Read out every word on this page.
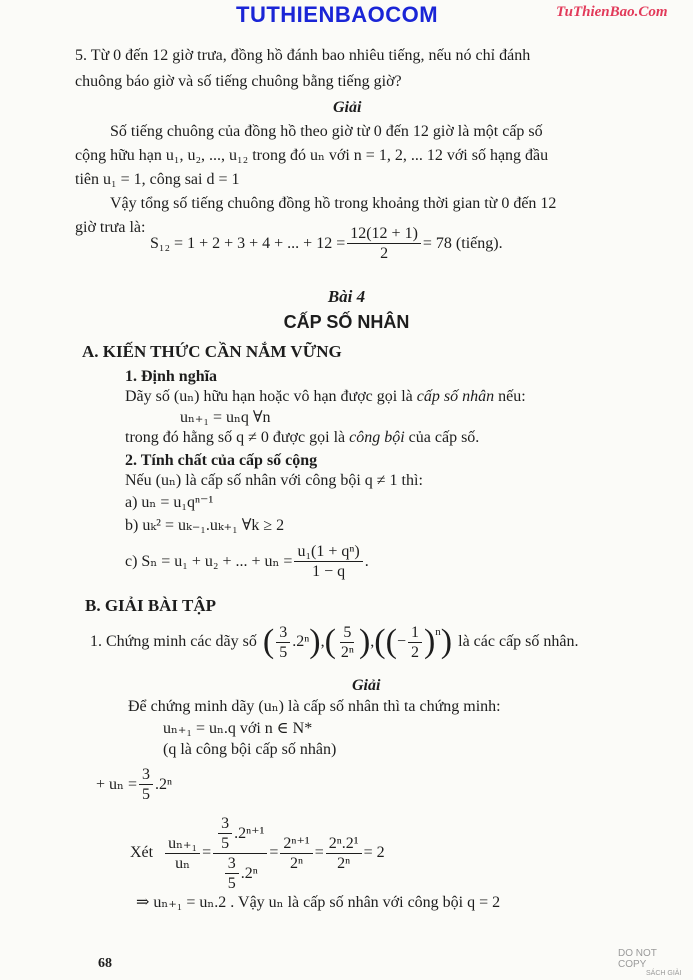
TUTHIENBAOCOM	TuThienBao.Com
5. Từ 0 đến 12 giờ trưa, đồng hồ đánh bao nhiêu tiếng, nếu nó chỉ đánh
chuông báo giờ và số tiếng chuông bằng tiếng giờ?
Giải
Số tiếng chuông của đồng hồ theo giờ từ 0 đến 12 giờ là một cấp số
cộng hữu hạn u₁, u₂, ..., u₁₂ trong đó uₙ với n = 1, 2, ... 12 với số hạng đầu
tiên u₁ = 1, công sai d = 1
Vậy tổng số tiếng chuông đồng hồ trong khoảng thời gian từ 0 đến 12
giờ trưa là:
S₁₂ = 1 + 2 + 3 + 4 + ... + $12 = \frac{12(12 + 1)}{2} = 78$ (tiếng).
Bài 4
CẤP SỐ NHÂN
A. KIẾN THỨC CẦN NẮM VỮNG
1. Định nghĩa
Dãy số (uₙ) hữu hạn hoặc vô hạn được gọi là cấp số nhân nếu:
uₙ₊₁ = uₙq ∀n
trong đó hằng số q ≠ 0 được gọi là công bội của cấp số.
2. Tính chất của cấp số cộng
Nếu (uₙ) là cấp số nhân với công bội q ≠ 1 thì:
a) uₙ = u₁qⁿ⁻¹
b) uₖ² = uₖ₋₁.uₖ₊₁ ∀k ≥ 2
c) Sₙ = u₁ + u₂ + ... + $u_n = \frac{\text{u₁(1 + qⁿ)}}{1 - q}$ .
B. GIẢI BÀI TẬP
1. Chứng minh các dãy số ( $\frac{3}{5} .2^n$ ) , ( $\frac{5}{\text{2ⁿ}}$ ) , ( ( − $\frac{1}{2} )^n$ ) là các cấp số nhân.
Giải
Để chứng minh dãy (uₙ) là cấp số nhân thì ta chứng minh:
uₙ₊₁ = uₙ.q với n ∈ N*
(q là công bội cấp số nhân)
+ $u_n = \frac{3}{5} .2^n$
Xét $\frac{\text{uₙ₊₁}}{\text{uₙ}} = \frac{\frac{3}{5} .2^{n+1}}{\frac{3}{5} .2^n} = \frac{\text{2ⁿ⁺¹}}{\text{2ⁿ}} = \frac{\text{2ⁿ.2¹}}{\text{2ⁿ}} = 2$
⇒ uₙ₊₁ = uₙ.2 . Vậy uₙ là cấp số nhân với công bội q = 2
68
DO NOT COPY
SÁCH GIẢI
